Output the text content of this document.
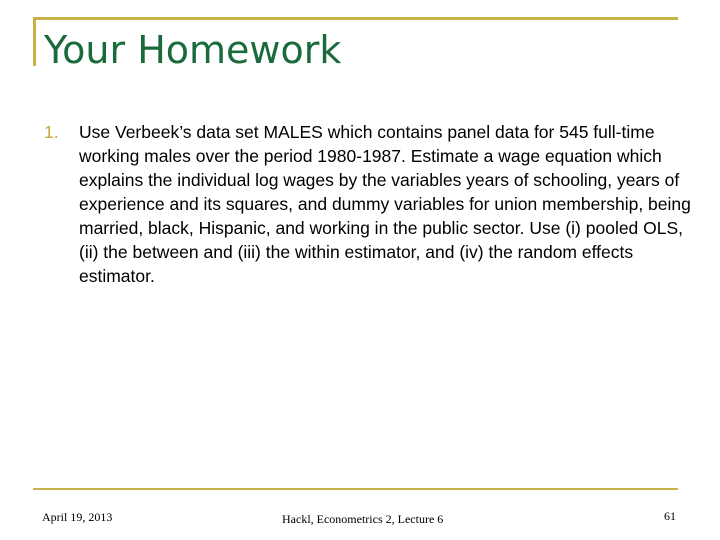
Your Homework
1.	Use Verbeek’s data set MALES which contains panel data for 545 full-time working males over the period 1980-1987. Estimate a wage equation which explains the individual log wages by the variables years of schooling, years of experience and its squares, and dummy variables for union membership, being married, black, Hispanic, and working in the public sector. Use (i) pooled OLS, (ii) the between and (iii) the within estimator, and (iv) the random effects estimator.
April 19, 2013	Hackl, Econometrics 2, Lecture 6	61
